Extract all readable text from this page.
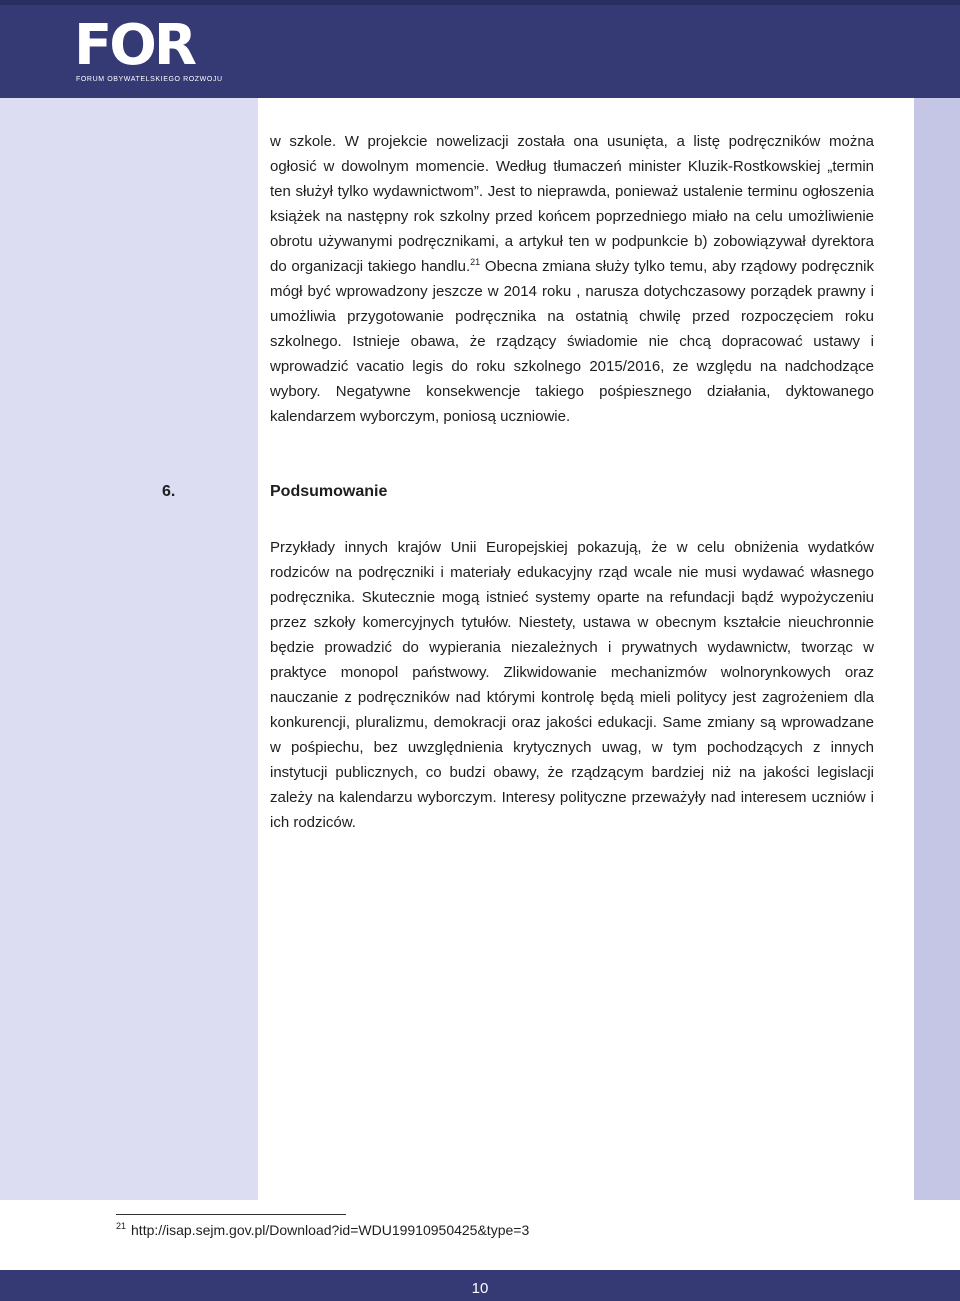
FOR
FORUM OBYWATELSKIEGO ROZWOJU

w szkole. W projekcie nowelizacji została ona usunięta, a listę podręczników można ogłosić w dowolnym momencie. Według tłumaczeń minister Kluzik-Rostkowskiej „termin ten służył tylko wydawnictwom”. Jest to nieprawda, ponieważ ustalenie terminu ogłoszenia książek na następny rok szkolny przed końcem poprzedniego miało na celu umożliwienie obrotu używanymi podręcznikami, a artykuł ten w podpunkcie b) zobowiązywał dyrektora do organizacji takiego handlu.$^{21}$ Obecna zmiana służy tylko temu, aby rządowy podręcznik mógł być wprowadzony jeszcze w 2014 roku , narusza dotychczasowy porządek prawny i umożliwia przygotowanie podręcznika na ostatnią chwilę przed rozpoczęciem roku szkolnego. Istnieje obawa, że rządzący świadomie nie chcą dopracować ustawy i wprowadzić vacatio legis do roku szkolnego 2015/2016, ze względu na nadchodzące wybory. Negatywne konsekwencje takiego pośpiesznego działania, dyktowanego kalendarzem wyborczym, poniosą uczniowie.

6.	Podsumowanie

Przykłady innych krajów Unii Europejskiej pokazują, że w celu obniżenia wydatków rodziców na podręczniki i materiały edukacyjny rząd wcale nie musi wydawać własnego podręcznika. Skutecznie mogą istnieć systemy oparte na refundacji bądź wypożyczeniu przez szkoły komercyjnych tytułów. Niestety, ustawa w obecnym kształcie nieuchronnie będzie prowadzić do wypierania niezależnych i prywatnych wydawnictw, tworząc w praktyce monopol państwowy. Zlikwidowanie mechanizmów wolnorynkowych oraz nauczanie z podręczników nad którymi kontrolę będą mieli politycy jest zagrożeniem dla konkurencji, pluralizmu, demokracji oraz jakości edukacji. Same zmiany są wprowadzane w pośpiechu, bez uwzględnienia krytycznych uwag, w tym pochodzących z innych instytucji publicznych, co budzi obawy, że rządzącym bardziej niż na jakości legislacji zależy na kalendarzu wyborczym. Interesy polityczne przeważyły nad interesem uczniów i ich rodziców.

$^{21}$ http://isap.sejm.gov.pl/Download?id=WDU19910950425&type=3
10
